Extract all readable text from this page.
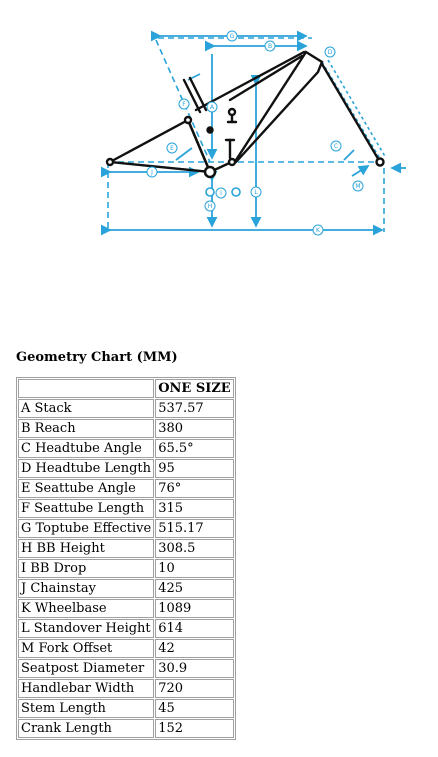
G
B
D
F	A
E	C
J
I	L
M
H
K
Geometry Chart (MM)
	ONE SIZE
A Stack	537.57
B Reach	380
C Headtube Angle	65.5°
D Headtube Length	95
E Seattube Angle	76°
F Seattube Length	315
G Toptube Effective	515.17
H BB Height	308.5
I BB Drop	10
J Chainstay	425
K Wheelbase	1089
L Standover Height	614
M Fork Offset	42
Seatpost Diameter	30.9
Handlebar Width	720
Stem Length	45
Crank Length	152
